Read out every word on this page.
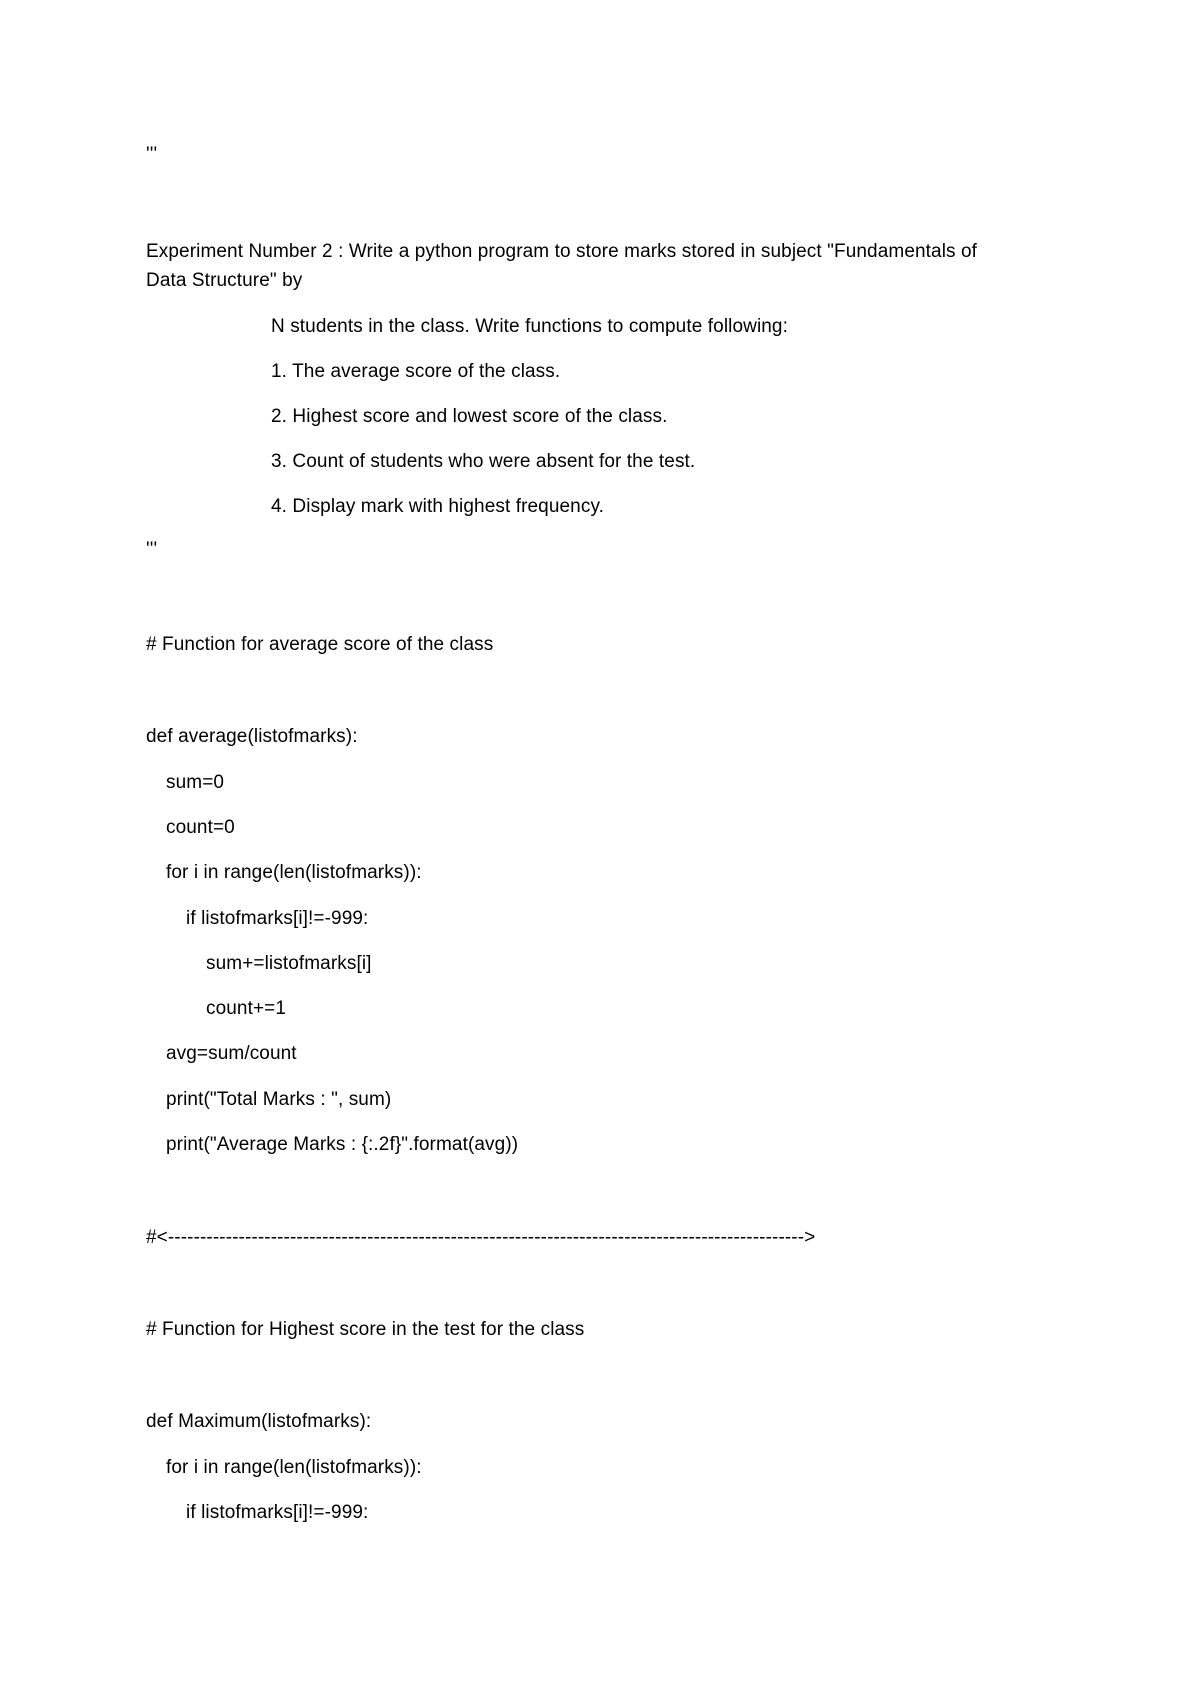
'''
Experiment Number 2 : Write a python program to store marks stored in subject "Fundamentals of
Data Structure" by
N students in the class. Write functions to compute following:
1. The average score of the class.
2. Highest score and lowest score of the class.
3. Count of students who were absent for the test.
4. Display mark with highest frequency.
'''
# Function for average score of the class
def average(listofmarks):
sum=0
count=0
for i in range(len(listofmarks)):
if listofmarks[i]!=-999:
sum+=listofmarks[i]
count+=1
avg=sum/count
print("Total Marks : ", sum)
print("Average Marks : {:.2f}".format(avg))
#<--------------------------------------------------------------------------------------------------->
# Function for Highest score in the test for the class
def Maximum(listofmarks):
for i in range(len(listofmarks)):
if listofmarks[i]!=-999:
